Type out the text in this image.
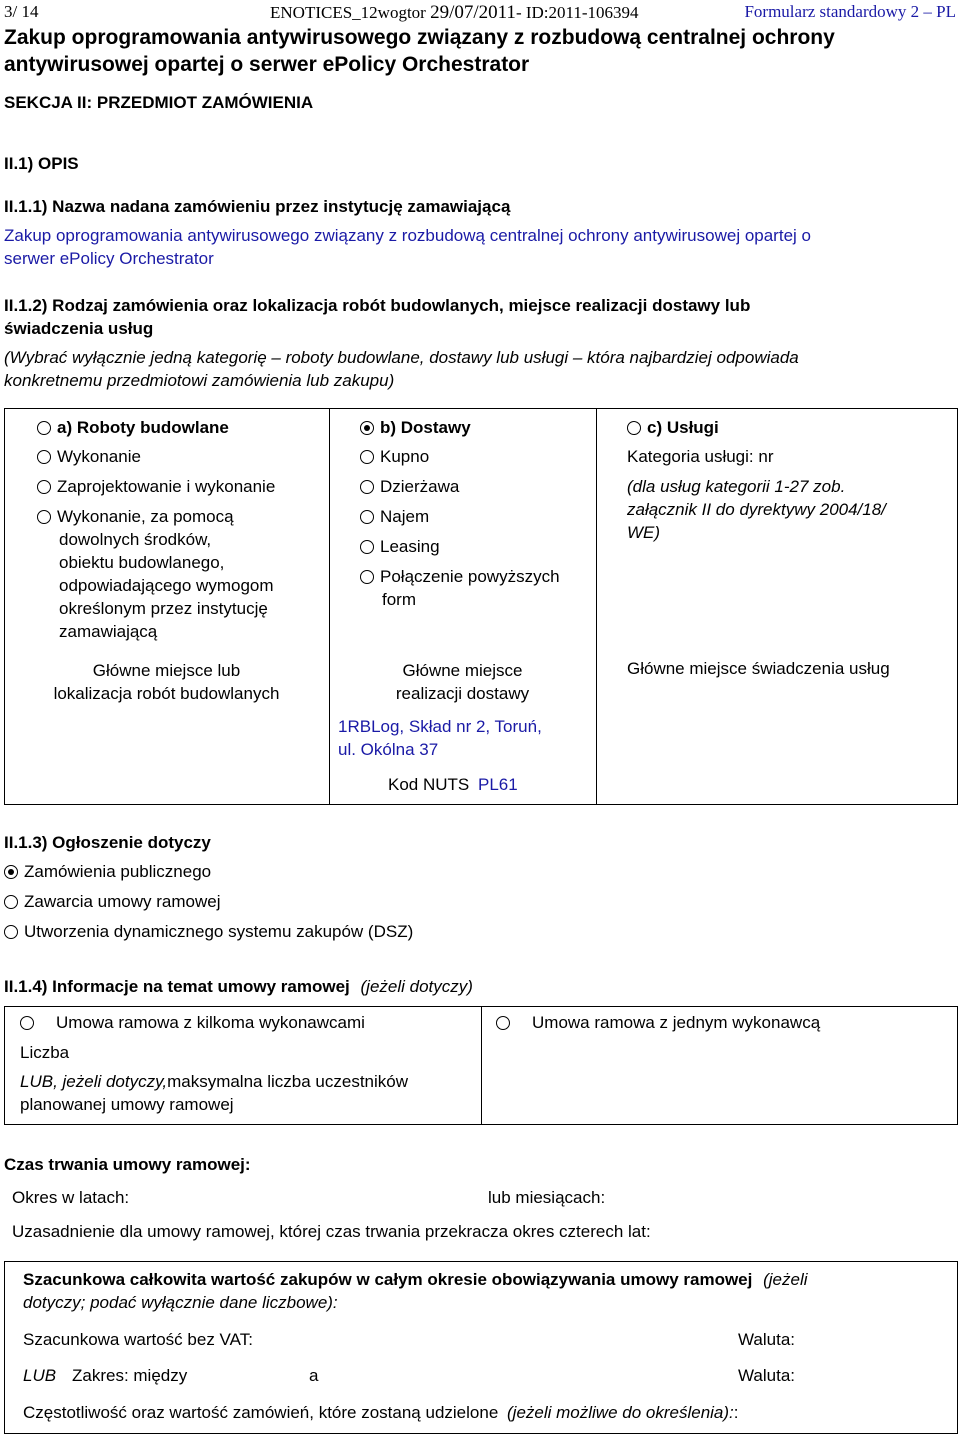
3/ 14	ENOTICES_12wogtor 29/07/2011- ID:2011-106394	Formularz standardowy 2 – PL
Zakup oprogramowania antywirusowego związany z rozbudową centralnej ochrony
antywirusowej opartej o serwer ePolicy Orchestrator
SEKCJA II: PRZEDMIOT ZAMÓWIENIA
II.1) OPIS
II.1.1) Nazwa nadana zamówieniu przez instytucję zamawiającą
Zakup oprogramowania antywirusowego związany z rozbudową centralnej ochrony antywirusowej opartej o
serwer ePolicy Orchestrator
II.1.2) Rodzaj zamówienia oraz lokalizacja robót budowlanych, miejsce realizacji dostawy lub
świadczenia usług
(Wybrać wyłącznie jedną kategorię – roboty budowlane, dostawy lub usługi – która najbardziej odpowiada
konkretnemu przedmiotowi zamówienia lub zakupu)
a) Roboty budowlane
Wykonanie
Zaprojektowanie i wykonanie
Wykonanie, za pomocą
dowolnych środków,
obiektu budowlanego,
odpowiadającego wymogom
określonym przez instytucję
zamawiającą
Główne miejsce lub
lokalizacja robót budowlanych
b) Dostawy
Kupno
Dzierżawa
Najem
Leasing
Połączenie powyższych
form
Główne miejsce
realizacji dostawy
1RBLog, Skład nr 2, Toruń,
ul. Okólna 37
Kod NUTS PL61
c) Usługi
Kategoria usługi: nr
(dla usług kategorii 1-27 zob.
załącznik II do dyrektywy 2004/18/
WE)
Główne miejsce świadczenia usług
II.1.3) Ogłoszenie dotyczy
Zamówienia publicznego
Zawarcia umowy ramowej
Utworzenia dynamicznego systemu zakupów (DSZ)
II.1.4) Informacje na temat umowy ramowej (jeżeli dotyczy)
Umowa ramowa z kilkoma wykonawcami
Liczba
LUB, jeżeli dotyczy,maksymalna liczba uczestników
planowanej umowy ramowej
Umowa ramowa z jednym wykonawcą
Czas trwania umowy ramowej:
Okres w latach:	lub miesiącach:
Uzasadnienie dla umowy ramowej, której czas trwania przekracza okres czterech lat:
Szacunkowa całkowita wartość zakupów w całym okresie obowiązywania umowy ramowej (jeżeli
dotyczy; podać wyłącznie dane liczbowe):
Szacunkowa wartość bez VAT:	Waluta:
LUB Zakres: między	a	Waluta:
Częstotliwość oraz wartość zamówień, które zostaną udzielone (jeżeli możliwe do określenia)::
